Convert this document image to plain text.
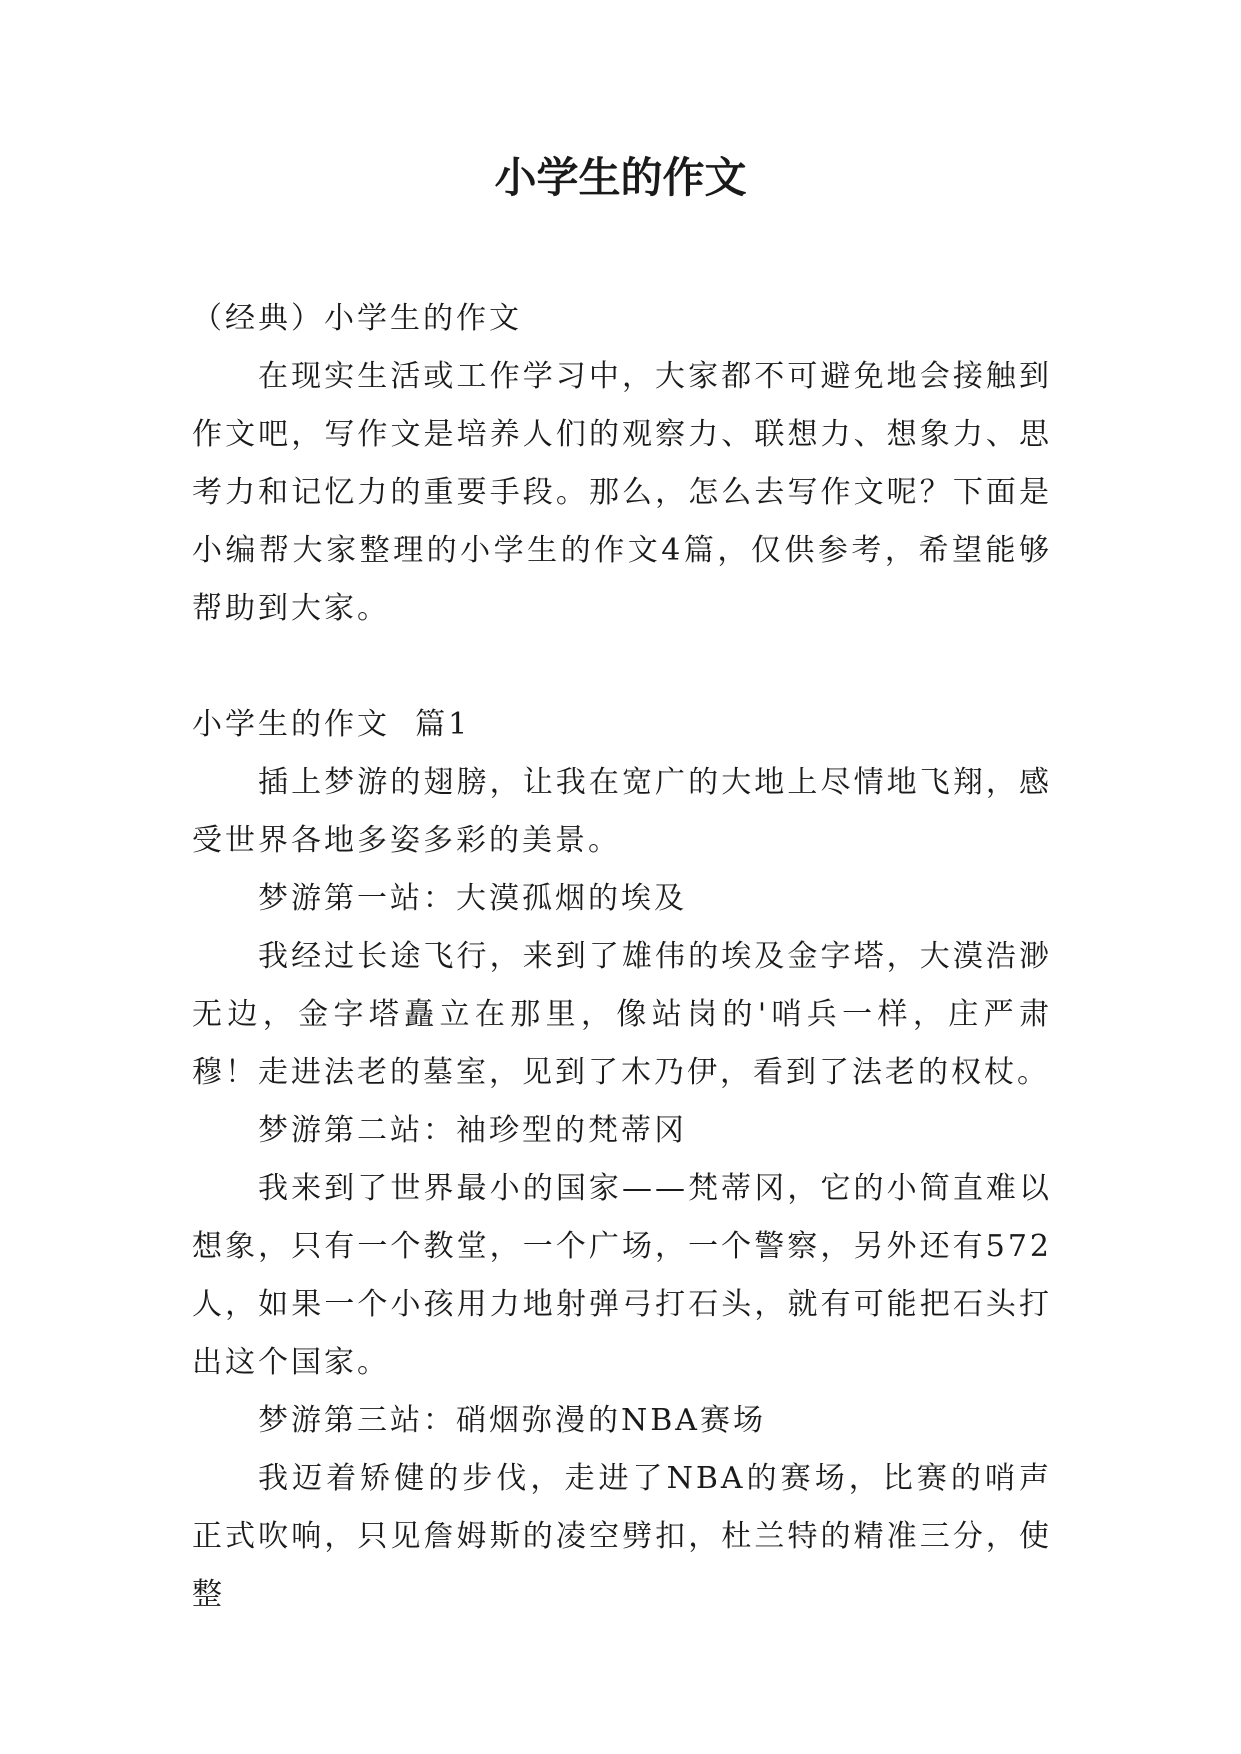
小学生的作文

（经典）小学生的作文

在现实生活或工作学习中，大家都不可避免地会接触到作文吧，写作文是培养人们的观察力、联想力、想象力、思考力和记忆力的重要手段。那么，怎么去写作文呢？下面是小编帮大家整理的小学生的作文4篇，仅供参考，希望能够帮助到大家。

小学生的作文  篇1

插上梦游的翅膀，让我在宽广的大地上尽情地飞翔，感受世界各地多姿多彩的美景。

梦游第一站：大漠孤烟的埃及

我经过长途飞行，来到了雄伟的埃及金字塔，大漠浩渺无边，金字塔矗立在那里，像站岗的'哨兵一样，庄严肃穆！走进法老的墓室，见到了木乃伊，看到了法老的权杖。

梦游第二站：袖珍型的梵蒂冈

我来到了世界最小的国家——梵蒂冈，它的小简直难以想象，只有一个教堂，一个广场，一个警察，另外还有572人，如果一个小孩用力地射弹弓打石头，就有可能把石头打出这个国家。

梦游第三站：硝烟弥漫的NBA赛场

我迈着矫健的步伐，走进了NBA的赛场，比赛的哨声正式吹响，只见詹姆斯的凌空劈扣，杜兰特的精准三分，使整
